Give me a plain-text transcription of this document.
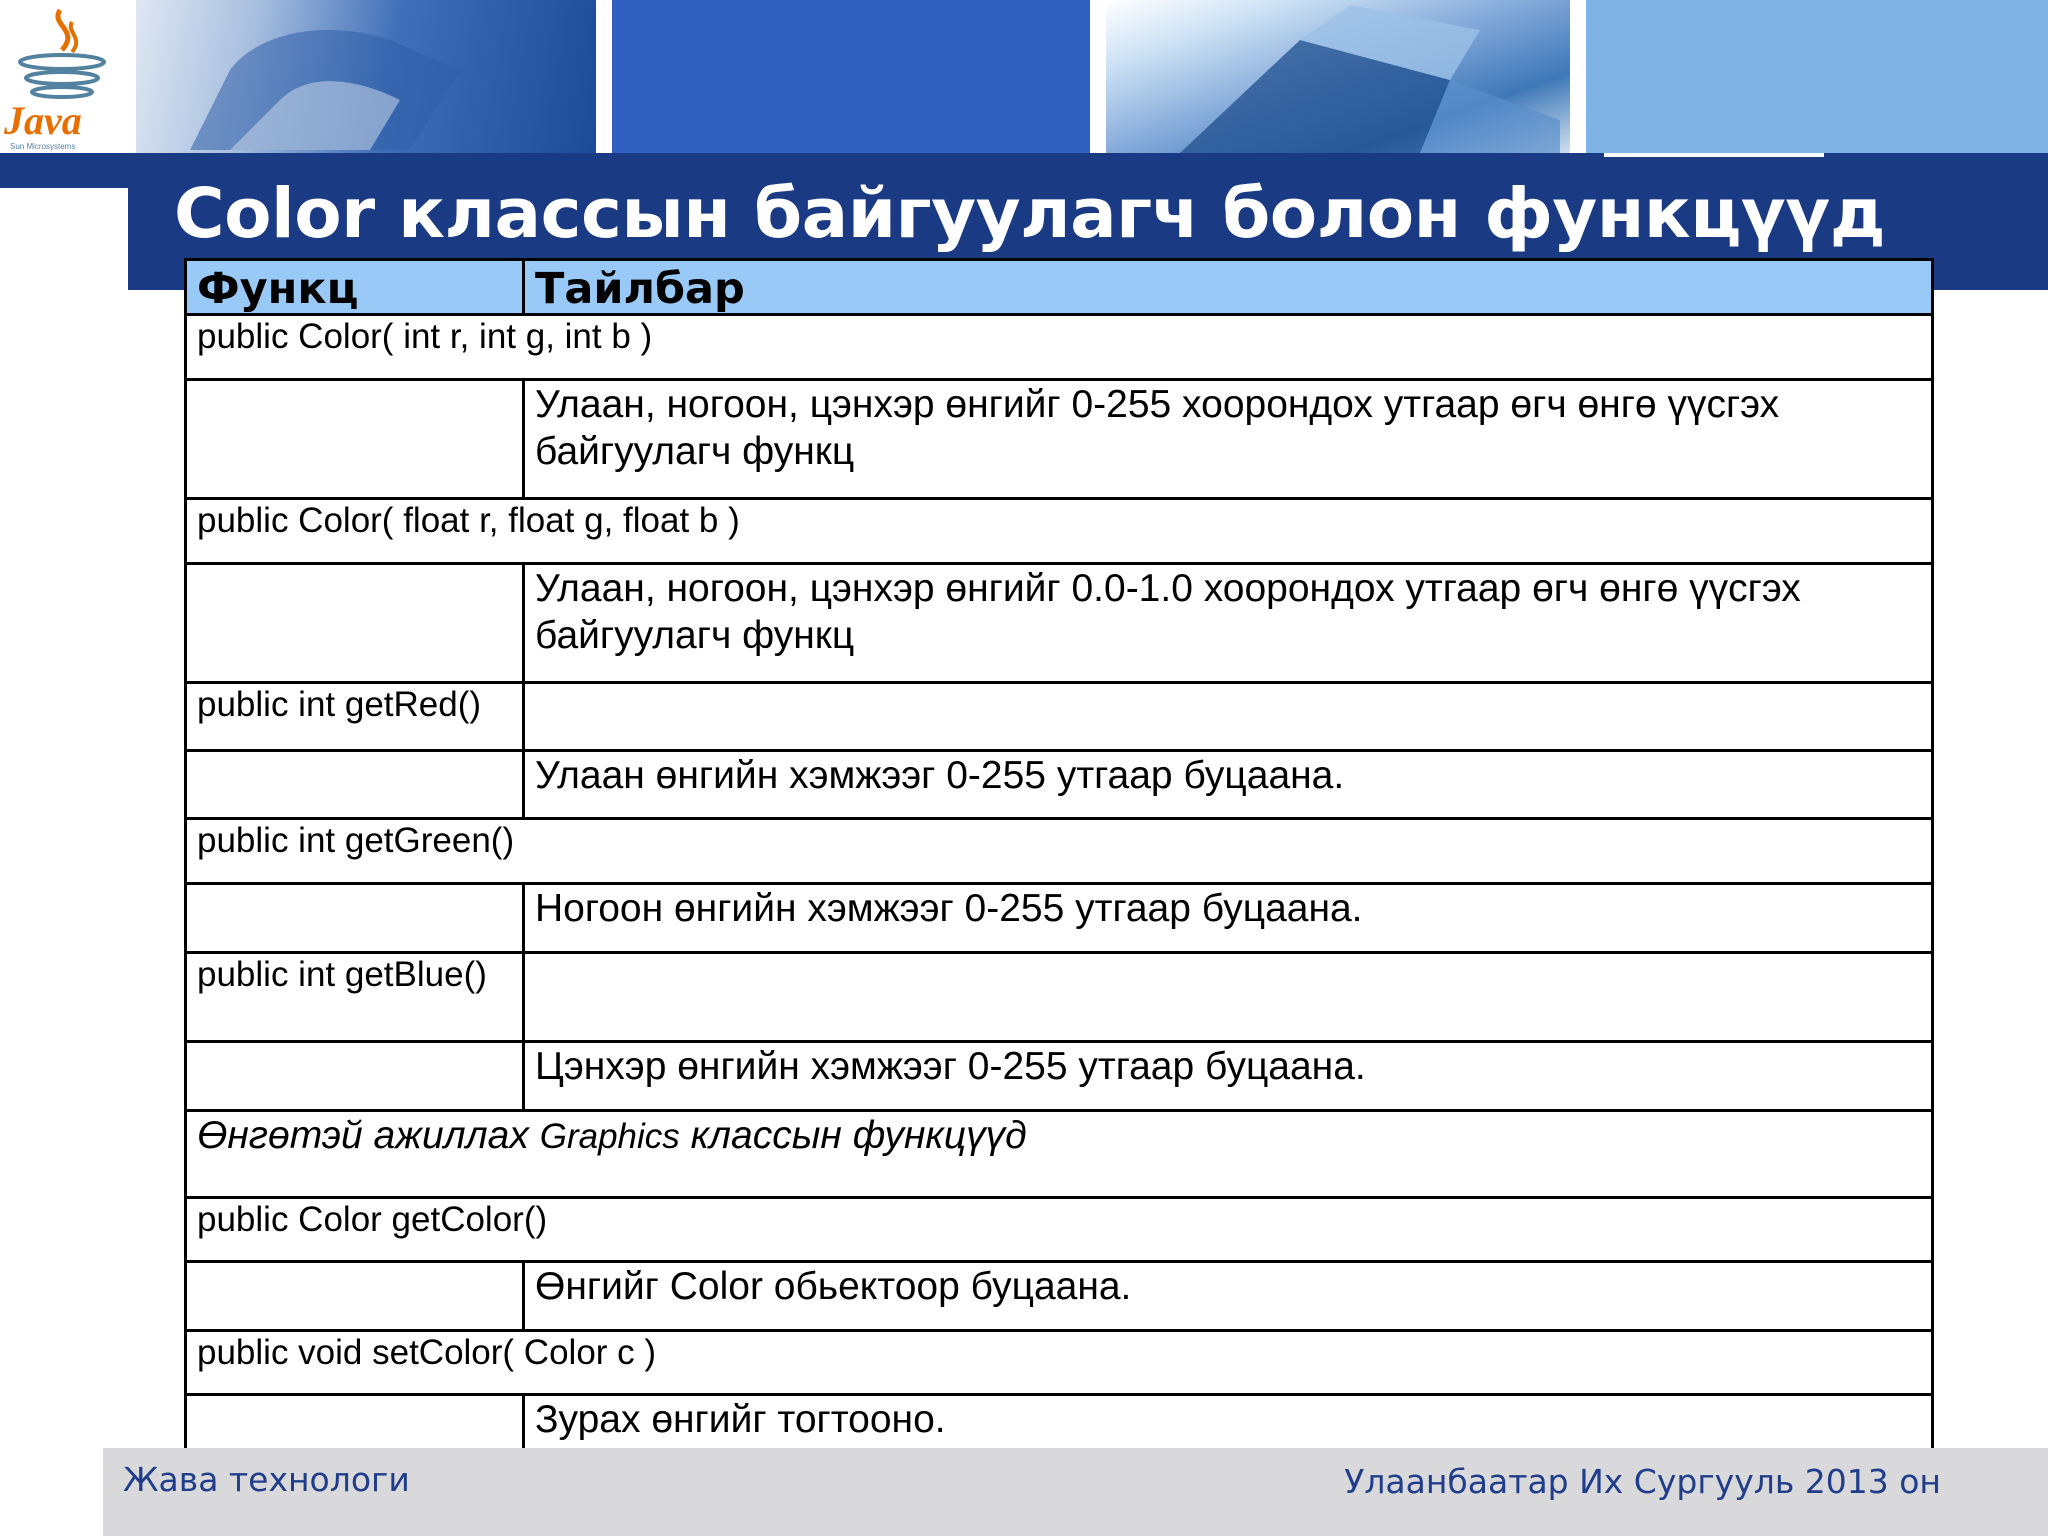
Java
Sun Microsystems
Color классын байгуулагч болон функцүүд
Функц	Тайлбар
public Color( int r, int g, int b )	
	Улаан, ногоон, цэнхэр өнгийг 0-255 хоорондох утгаар өгч өнгө үүсгэх байгуулагч функц
public Color( float r, float g, float b )	
	Улаан, ногоон, цэнхэр өнгийг 0.0-1.0 хоорондох утгаар өгч өнгө үүсгэх байгуулагч функц
public int getRed()	
	Улаан өнгийн хэмжээг 0-255 утгаар буцаана.
public int getGreen()	
	Ногоон өнгийн хэмжээг 0-255 утгаар буцаана.
public int getBlue()	
	Цэнхэр өнгийн хэмжээг 0-255 утгаар буцаана.
Өнгөтэй ажиллах Graphics классын функцүүд	
public Color getColor()	
	Өнгийг Color обьектоор буцаана.
public void setColor( Color c )	
	Зурах өнгийг тогтооно.
Жава технологи	Улаанбаатар Их Сургууль 2013 он
